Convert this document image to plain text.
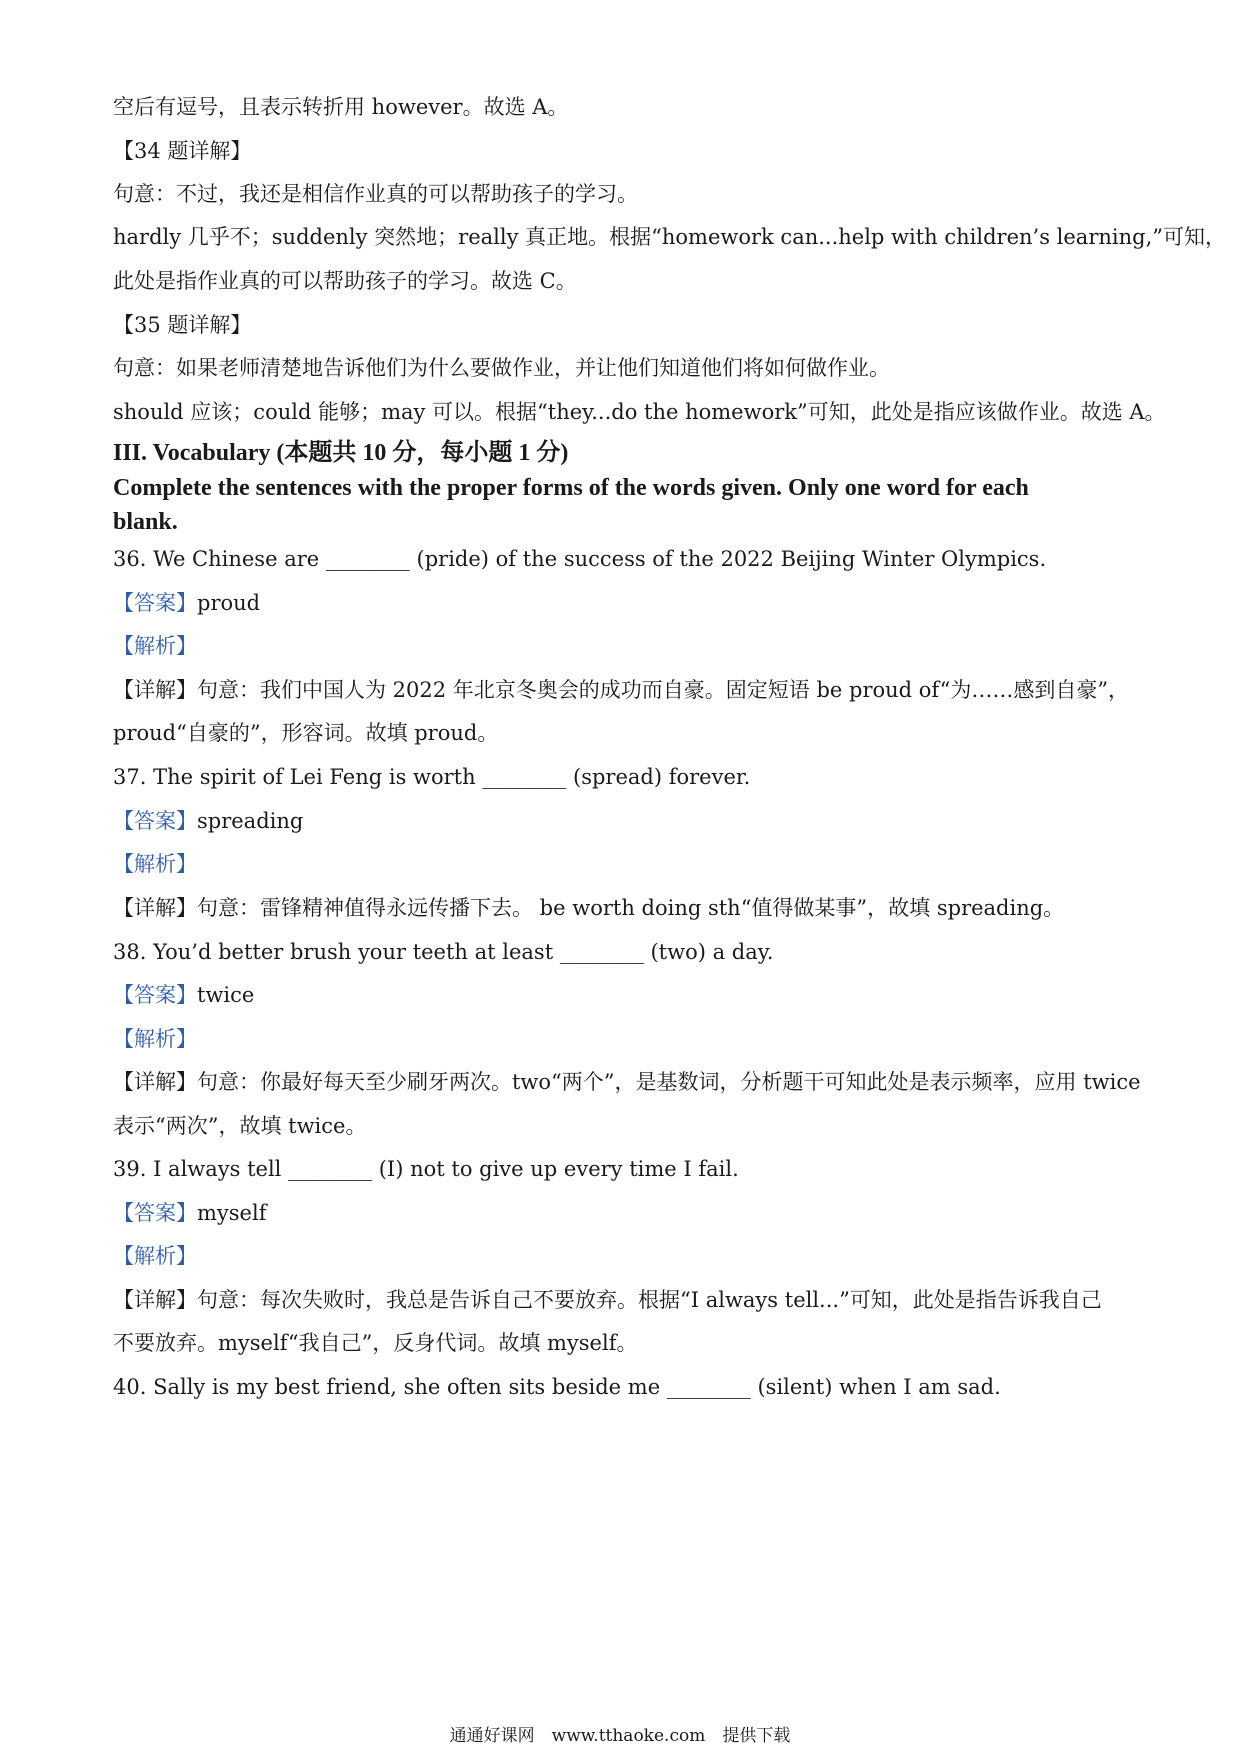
空后有逗号，且表示转折用 however。故选 A。
【34 题详解】
句意：不过，我还是相信作业真的可以帮助孩子的学习。
hardly 几乎不；suddenly 突然地；really 真正地。根据“homework can...help with children’s learning,”可知，
此处是指作业真的可以帮助孩子的学习。故选 C。
【35 题详解】
句意：如果老师清楚地告诉他们为什么要做作业，并让他们知道他们将如何做作业。
should 应该；could 能够；may 可以。根据“they...do the homework”可知，此处是指应该做作业。故选 A。
III. Vocabulary (本题共 10 分，每小题 1 分)
Complete the sentences with the proper forms of the words given. Only one word for each
blank.
36. We Chinese are ________ (pride) of the success of the 2022 Beijing Winter Olympics.
【答案】proud
【解析】
【详解】句意：我们中国人为 2022 年北京冬奥会的成功而自豪。固定短语 be proud of“为……感到自豪”，
proud“自豪的”，形容词。故填 proud。
37. The spirit of Lei Feng is worth ________ (spread) forever.
【答案】spreading
【解析】
【详解】句意：雷锋精神值得永远传播下去。 be worth doing sth“值得做某事”，故填 spreading。
38. You’d better brush your teeth at least ________ (two) a day.
【答案】twice
【解析】
【详解】句意：你最好每天至少刷牙两次。two“两个”，是基数词，分析题干可知此处是表示频率，应用 twice
表示“两次”，故填 twice。
39. I always tell ________ (I) not to give up every time I fail.
【答案】myself
【解析】
【详解】句意：每次失败时，我总是告诉自己不要放弃。根据“I always tell...”可知，此处是指告诉我自己
不要放弃。myself“我自己”，反身代词。故填 myself。
40. Sally is my best friend, she often sits beside me ________ (silent) when I am sad.
通通好课网　www.tthaoke.com　提供下载
